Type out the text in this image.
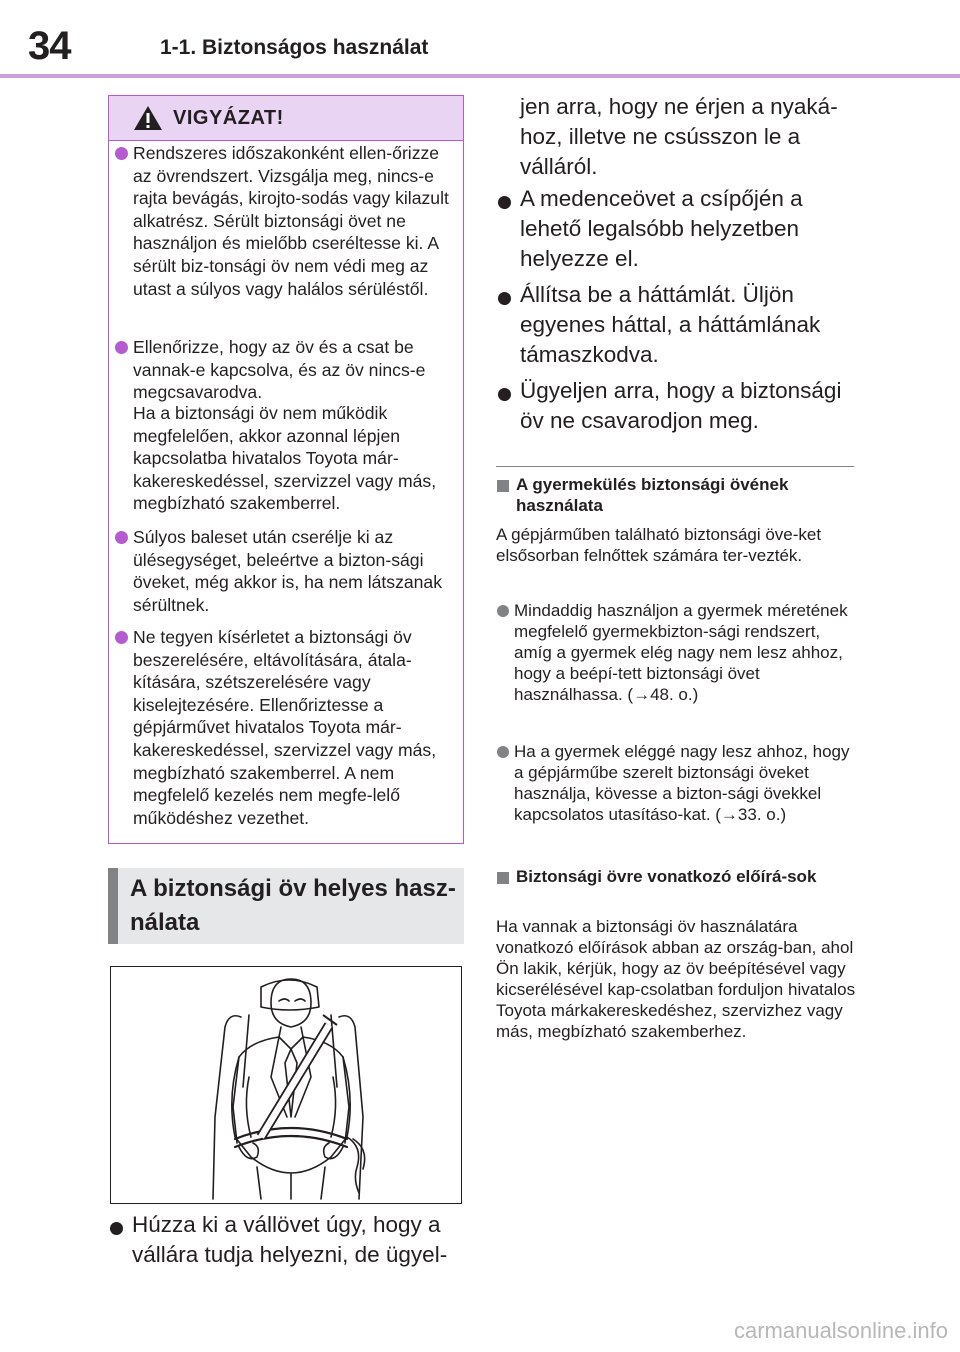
34	1-1. Biztonságos használat
VIGYÁZAT!
Rendszeres időszakonként ellen-őrizze az övrendszert. Vizsgálja meg, nincs-e rajta bevágás, kirojto-sodás vagy kilazult alkatrész. Sérült biztonsági övet ne használjon és mielőbb cseréltesse ki. A sérült biz-tonsági öv nem védi meg az utast a súlyos vagy halálos sérüléstől.
Ellenőrizze, hogy az öv és a csat be vannak-e kapcsolva, és az öv nincs-e megcsavarodva.
Ha a biztonsági öv nem működik megfelelően, akkor azonnal lépjen kapcsolatba hivatalos Toyota már-kakereskedéssel, szervizzel vagy más, megbízható szakemberrel.
Súlyos baleset után cserélje ki az ülésegységet, beleértve a bizton-sági öveket, még akkor is, ha nem látszanak sérültnek.
Ne tegyen kísérletet a biztonsági öv beszerelésére, eltávolítására, átala-kítására, szétszerelésére vagy kiselejtezésére. Ellenőriztesse a gépjárművet hivatalos Toyota már-kakereskedéssel, szervizzel vagy más, megbízható szakemberrel. A nem megfelelő kezelés nem megfe-lelő működéshez vezethet.
A biztonsági öv helyes hasz-nálata
Húzza ki a vállövet úgy, hogy a
vállára tudja helyezni, de ügyel-
jen arra, hogy ne érjen a nyaká-
hoz, illetve ne csússzon le a
válláról.
A medenceövet a csípőjén a lehető legalsóbb helyzetben helyezze el.
Állítsa be a háttámlát. Üljön egyenes háttal, a háttámlának támaszkodva.
Ügyeljen arra, hogy a biztonsági öv ne csavarodjon meg.
A gyermekülés biztonsági övének használata
A gépjárműben található biztonsági öve-ket elsősorban felnőttek számára ter-vezték.
Mindaddig használjon a gyermek méretének megfelelő gyermekbizton-sági rendszert, amíg a gyermek elég nagy nem lesz ahhoz, hogy a beépí-tett biztonsági övet használhassa. (→48. o.)
Ha a gyermek eléggé nagy lesz ahhoz, hogy a gépjárműbe szerelt biztonsági öveket használja, kövesse a bizton-sági övekkel kapcsolatos utasításo-kat. (→33. o.)
Biztonsági övre vonatkozó előírá-sok
Ha vannak a biztonsági öv használatára vonatkozó előírások abban az ország-ban, ahol Ön lakik, kérjük, hogy az öv beépítésével vagy kicserélésével kap-csolatban forduljon hivatalos Toyota márkakereskedéshez, szervizhez vagy más, megbízható szakemberhez.
carmanualsonline.info
